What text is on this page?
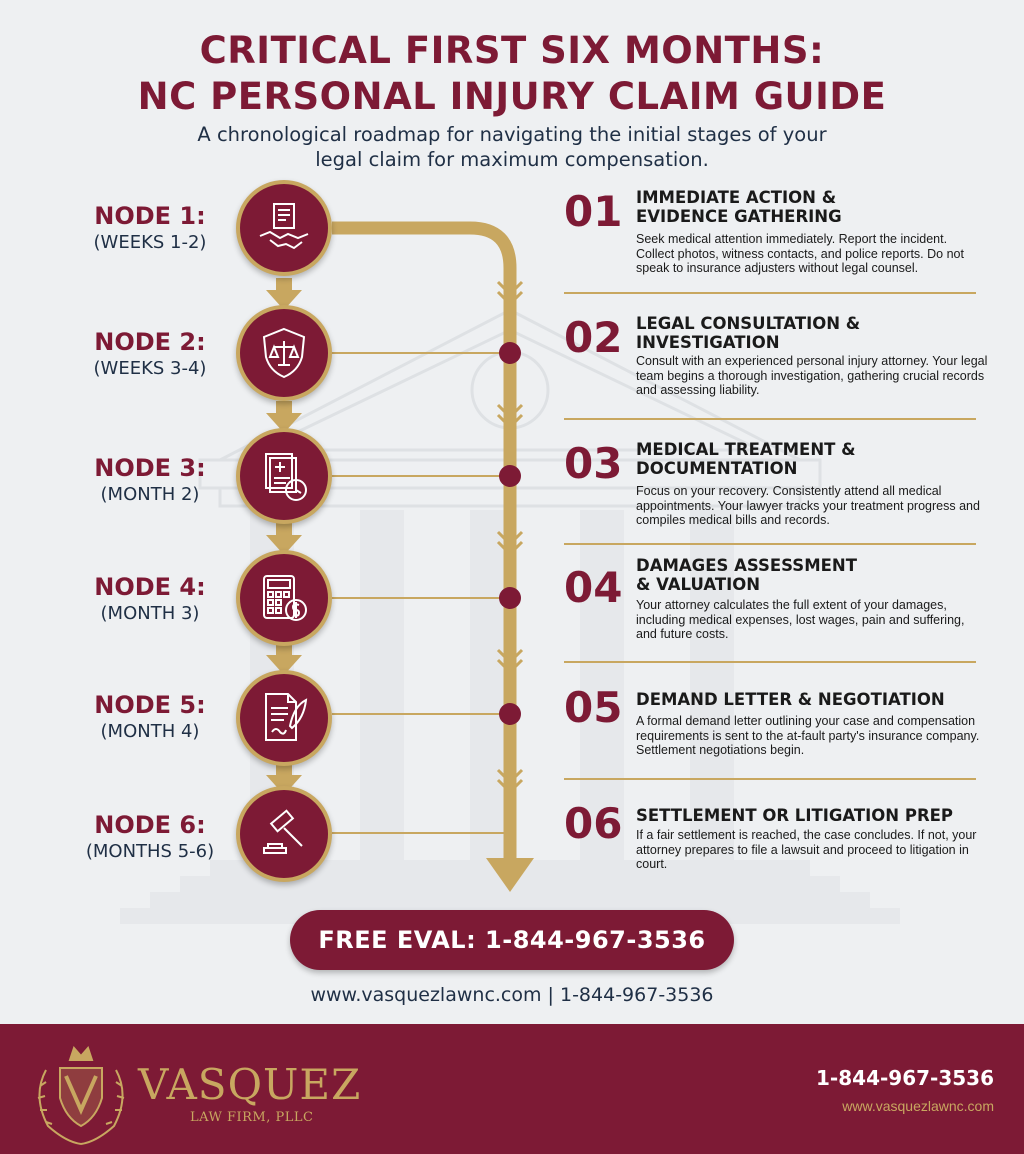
CRITICAL FIRST SIX MONTHS:
NC PERSONAL INJURY CLAIM GUIDE
A chronological roadmap for navigating the initial stages of your
legal claim for maximum compensation.
NODE 1:
(WEEKS 1-2)
NODE 2:
(WEEKS 3-4)
NODE 3:
(MONTH 2)
NODE 4:
(MONTH 3)
NODE 5:
(MONTH 4)
NODE 6:
(MONTHS 5-6)
01 IMMEDIATE ACTION &
EVIDENCE GATHERING
Seek medical attention immediately. Report the incident. Collect photos, witness contacts, and police reports. Do not speak to insurance adjusters without legal counsel.
02 LEGAL CONSULTATION &
INVESTIGATION
Consult with an experienced personal injury attorney. Your legal team begins a thorough investigation, gathering crucial records and assessing liability.
03 MEDICAL TREATMENT &
DOCUMENTATION
Focus on your recovery. Consistently attend all medical appointments. Your lawyer tracks your treatment progress and compiles medical bills and records.
04 DAMAGES ASSESSMENT
& VALUATION
Your attorney calculates the full extent of your damages, including medical expenses, lost wages, pain and suffering, and future costs.
05 DEMAND LETTER & NEGOTIATION
A formal demand letter outlining your case and compensation requirements is sent to the at-fault party's insurance company. Settlement negotiations begin.
06 SETTLEMENT OR LITIGATION PREP
If a fair settlement is reached, the case concludes. If not, your attorney prepares to file a lawsuit and proceed to litigation in court.
FREE EVAL: 1-844-967-3536
www.vasquezlawnc.com | 1-844-967-3536
VASQUEZ
LAW FIRM, PLLC
1-844-967-3536
www.vasquezlawnc.com
